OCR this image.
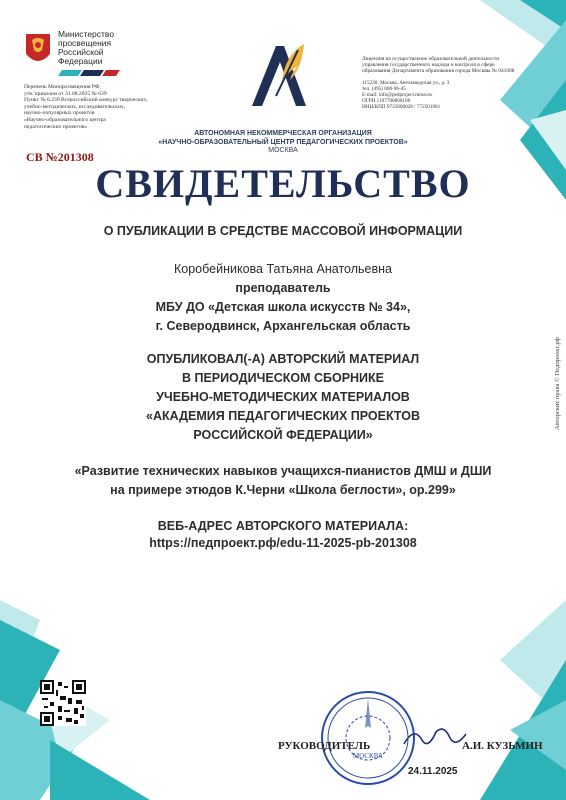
Министерство
просвещения
Российской
Федерации
Перечень Минпросвещения РФ,
утв. приказом от 31.08.2025 № 639
Пункт № 6.239 Всероссийский конкурс творческих,
учебно-методических, исследовательских,
научно-популярных проектов
«Научно-образовательного центра
педагогических проектов»
Лицензия на осуществление образовательной деятельности
управления государственного надзора и контроля в сфере
образования Департамента образования города Москвы № 041008
115230, Москва, Автозаводская ул., д. 3
тел. (495) 000-96-45
E-mail: info@pedproject.moscow
ОГРН 1197700008198
ИНН/КПП 9725000028 / 772501001
АВТОНОМНАЯ НЕКОММЕРЧЕСКАЯ ОРГАНИЗАЦИЯ
«НАУЧНО-ОБРАЗОВАТЕЛЬНЫЙ ЦЕНТР ПЕДАГОГИЧЕСКИХ ПРОЕКТОВ»
МОСКВА
СВ №201308
СВИДЕТЕЛЬСТВО
О ПУБЛИКАЦИИ В СРЕДСТВЕ МАССОВОЙ ИНФОРМАЦИИ
Коробейникова Татьяна Анатольевна
преподаватель
МБУ ДО «Детская школа искусств № 34»,
г. Северодвинск, Архангельская область
ОПУБЛИКОВАЛ(-А) АВТОРСКИЙ МАТЕРИАЛ
В ПЕРИОДИЧЕСКОМ СБОРНИКЕ
УЧЕБНО-МЕТОДИЧЕСКИХ МАТЕРИАЛОВ
«АКАДЕМИЯ ПЕДАГОГИЧЕСКИХ ПРОЕКТОВ
РОССИЙСКОЙ ФЕДЕРАЦИИ»
«Развитие технических навыков учащихся-пианистов ДМШ и ДШИ
на примере этюдов К.Черни «Школа беглости», ор.299»
ВЕБ-АДРЕС АВТОРСКОГО МАТЕРИАЛА:
https://педпроект.рф/edu-11-2025-pb-201308
Авторские права © Педпроект.рф
МОСКВА
РУКОВОДИТЕЛЬ	А.И. КУЗЬМИН
24.11.2025
